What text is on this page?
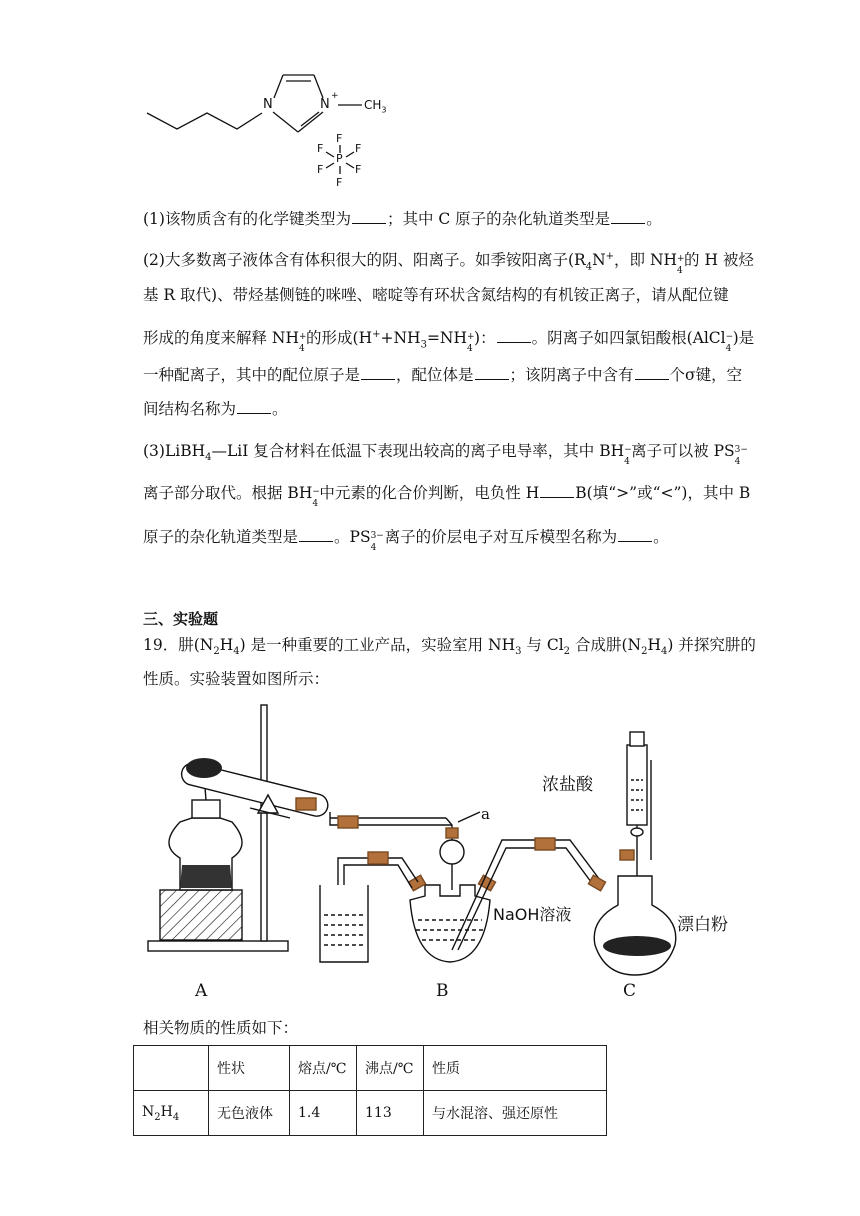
N	N
+
$CH_3$
P
F
F	F
F	F
F
(1)该物质含有的化学键类型为 ；其中 C 原子的杂化轨道类型是 。
(2)大多数离子液体含有体积很大的阴、阳离子。如季铵阳离子($R_4N^+$，即 NH +
4
的 H 被烃
基 R 取代)、带烃基侧链的咪唑、嘧啶等有环状含氮结构的有机铵正离子，请从配位键
形成的角度来解释 NH +
4
的形成($H^++NH_3=NH$ +
4
)： 。阴离子如四氯铝酸根(AlCl −
4
)是
一种配离子，其中的配位原子是 ，配位体是 ；该阴离子中含有 个σ键，空
间结构名称为 。
(3)LiBH$_4$—LiI 复合材料在低温下表现出较高的离子电导率，其中 BH −
4
离子可以被 PS 3−
4
离子部分取代。根据 BH −
4
中元素的化合价判断，电负性 H B(填“>”或“<”)，其中 B
原子的杂化轨道类型是 。PS 3−
4
离子的价层电子对互斥模型名称为 。
三、实验题
19．肼$(N_2H_4)$ 是一种重要的工业产品，实验室用 $NH_3$ 与 $Cl_2$ 合成肼$(N_2H_4)$ 并探究肼的
性质。实验装置如图所示：
a
浓盐酸
NaOH溶液
漂白粉
A	B	C
相关物质的性质如下：
	性状	熔点/℃	沸点/℃	性质
$N_2H_4$	无色液体	1.4	113	与水混溶、强还原性
